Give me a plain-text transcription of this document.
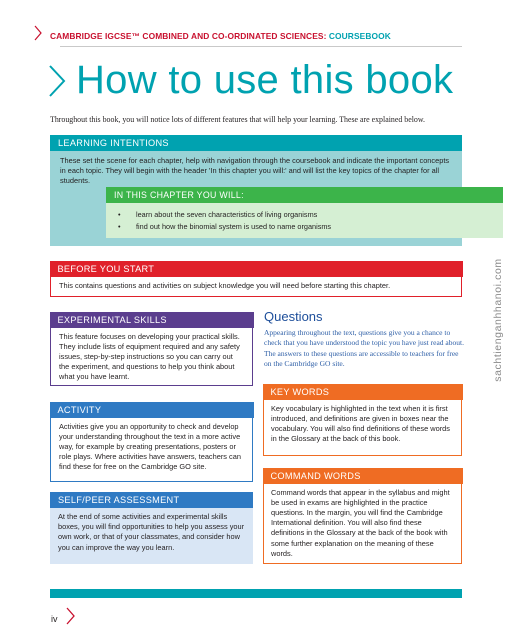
CAMBRIDGE IGCSE™ COMBINED AND CO-ORDINATED SCIENCES: COURSEBOOK
How to use this book

Throughout this book, you will notice lots of different features that will help your learning. These are explained below.

LEARNING INTENTIONS

These set the scene for each chapter, help with navigation through the coursebook and indicate the important concepts in each topic. They will begin with the header 'In this chapter you will:' and will list the key topics of the chapter for all students.

IN THIS CHAPTER YOU WILL:
• learn about the seven characteristics of living organisms
• find out how the binomial system is used to name organisms
BEFORE YOU START

This contains questions and activities on subject knowledge you will need before starting this chapter.

EXPERIMENTAL SKILLS

This feature focuses on developing your practical skills. They include lists of equipment required and any safety issues, step-by-step instructions so you can carry out the experiment, and questions to help you think about what you have learnt.

ACTIVITY

Activities give you an opportunity to check and develop your understanding throughout the text in a more active way, for example by creating presentations, posters or role plays. Where activities have answers, teachers can find these for free on the Cambridge GO site.

SELF/PEER ASSESSMENT

At the end of some activities and experimental skills boxes, you will find opportunities to help you assess your own work, or that of your classmates, and consider how you can improve the way you learn.

Questions

Appearing throughout the text, questions give you a chance to check that you have understood the topic you have just read about. The answers to these questions are accessible to teachers for free on the Cambridge GO site.

KEY WORDS

Key vocabulary is highlighted in the text when it is first introduced, and definitions are given in boxes near the vocabulary. You will also find definitions of these words in the Glossary at the back of this book.

COMMAND WORDS

Command words that appear in the syllabus and might be used in exams are highlighted in the practice questions. In the margin, you will find the Cambridge International definition. You will also find these definitions in the Glossary at the back of the book with some further explanation on the meaning of these words.

iv
sachtienganhhanoi.com
